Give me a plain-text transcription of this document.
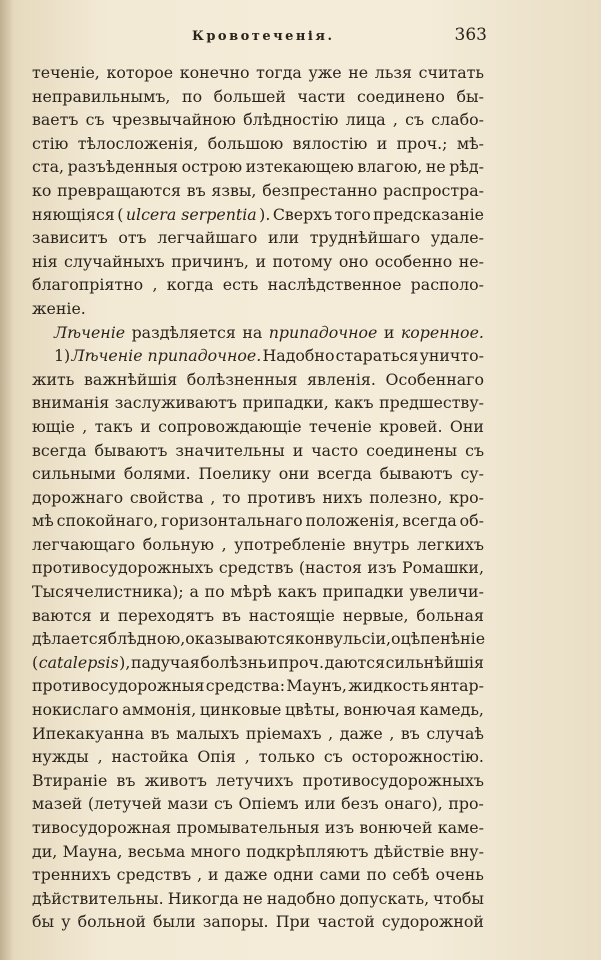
Кровотеченія.	363
теченіе, которое конечно тогда уже не льзя считать
неправильнымъ, по большей части соединено бы-
ваетъ съ чрезвычайною блѣдностію лица , съ слабо-
стію тѣлосложенія, большою вялостію и проч.; мѣ-
ста, разъѣденныя острою изтекающею влагою, не рѣд-
ко превращаются въ язвы, безпрестанно распростра-
няющіяся ( ulcera serpentia ). Сверхъ того предсказаніе
зависитъ отъ легчайшаго или труднѣйшаго удале-
нія случайныхъ причинъ, и потому оно особенно не-
благопріятно , когда есть наслѣдственное располо-
женіе.
Лѣченіе раздѣляется на припадочное и коренное.
1) Лѣченіе припадочное. Надобно стараться уничто-
жить важнѣйшія болѣзненныя явленія. Особеннаго
вниманія заслуживаютъ припадки, какъ предшеству-
ющіе , такъ и сопровождающіе теченіе кровей. Они
всегда бываютъ значительны и часто соединены съ
сильными болями. Поелику они всегда бываютъ су-
дорожнаго свойства , то противъ нихъ полезно, кро-
мѣ спокойнаго, горизонтальнаго положенія, всегда об-
легчающаго больную , употребленіе внутрь легкихъ
противосудорожныхъ средствъ (настоя изъ Ромашки,
Тысячелистника); а по мѣрѣ какъ припадки увеличи-
ваются и переходятъ въ настоящіе нервые, больная
дѣлается блѣдною, оказываются конвульсіи, оцѣпенѣніе
( catalepsis ), падучая болѣзнь и проч. даются сильнѣйшія
противосудорожныя средства: Маунъ, жидкость янтар-
нокислаго аммонія, цинковые цвѣты, вонючая камедь,
Ипекакуанна въ малыхъ пріемахъ , даже , въ случаѣ
нужды , настойка Опія , только съ осторожностію.
Втираніе въ животъ летучихъ противосудорожныхъ
мазей (летучей мази съ Опіемъ или безъ онаго), про-
тивосудорожная промывательныя изъ вонючей каме-
ди, Мауна, весьма много подкрѣпляютъ дѣйствіе вну-
треннихъ средствъ , и даже одни сами по себѣ очень
дѣйствительны. Никогда не надобно допускать, чтобы
бы у больной были запоры. При частой судорожной
